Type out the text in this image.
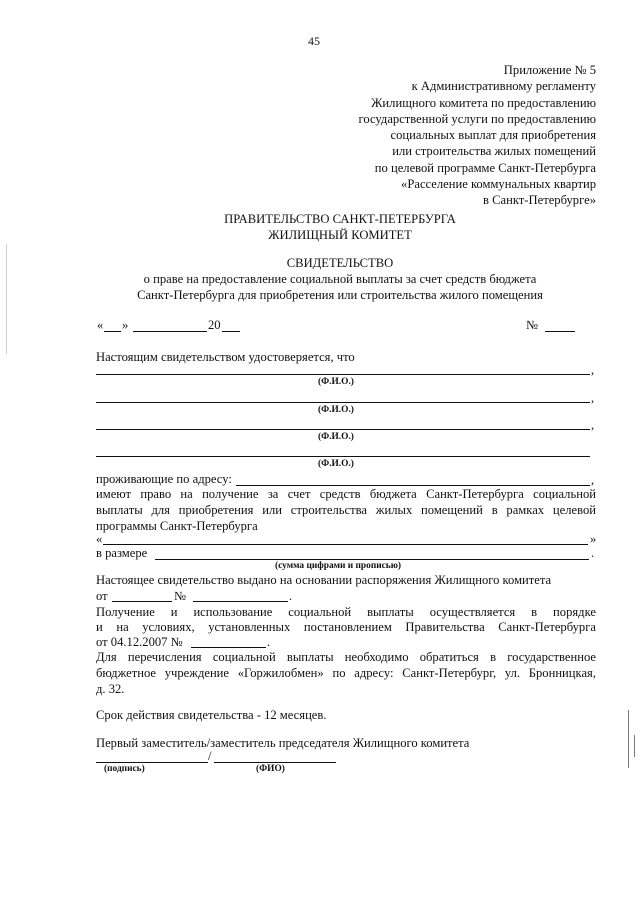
45
Приложение № 5
к Административному регламенту
Жилищного комитета по предоставлению
государственной услуги по предоставлению
социальных выплат для приобретения
или строительства жилых помещений
по целевой программе Санкт-Петербурга
«Расселение коммунальных квартир
в Санкт-Петербурге»
ПРАВИТЕЛЬСТВО САНКТ-ПЕТЕРБУРГА
ЖИЛИЩНЫЙ КОМИТЕТ
СВИДЕТЕЛЬСТВО
о праве на предоставление социальной выплаты за счет средств бюджета
Санкт-Петербурга для приобретения или строительства жилого помещения
« »	20	№
Настоящим свидетельством удостоверяется, что
,
(Ф.И.О.)
,
(Ф.И.О.)
,
(Ф.И.О.)
(Ф.И.О.)
проживающие по адресу:	,
имеют право на получение за счет средств бюджета Санкт-Петербурга социальной
выплаты для приобретения или строительства жилых помещений в рамках целевой
программы Санкт-Петербурга
«	»
в размере	.
(сумма цифрами и прописью)
Настоящее свидетельство выдано на основании распоряжения Жилищного комитета
от	№	.
Получение и использование социальной выплаты осуществляется в порядке
и на условиях, установленных постановлением Правительства Санкт-Петербурга
от 04.12.2007 №	.
Для перечисления социальной выплаты необходимо обратиться в государственное
бюджетное учреждение «Горжилобмен» по адресу: Санкт-Петербург, ул. Бронницкая,
д. 32.
Срок действия свидетельства - 12 месяцев.
Первый заместитель/заместитель председателя Жилищного комитета
/
(подпись)	(ФИО)
